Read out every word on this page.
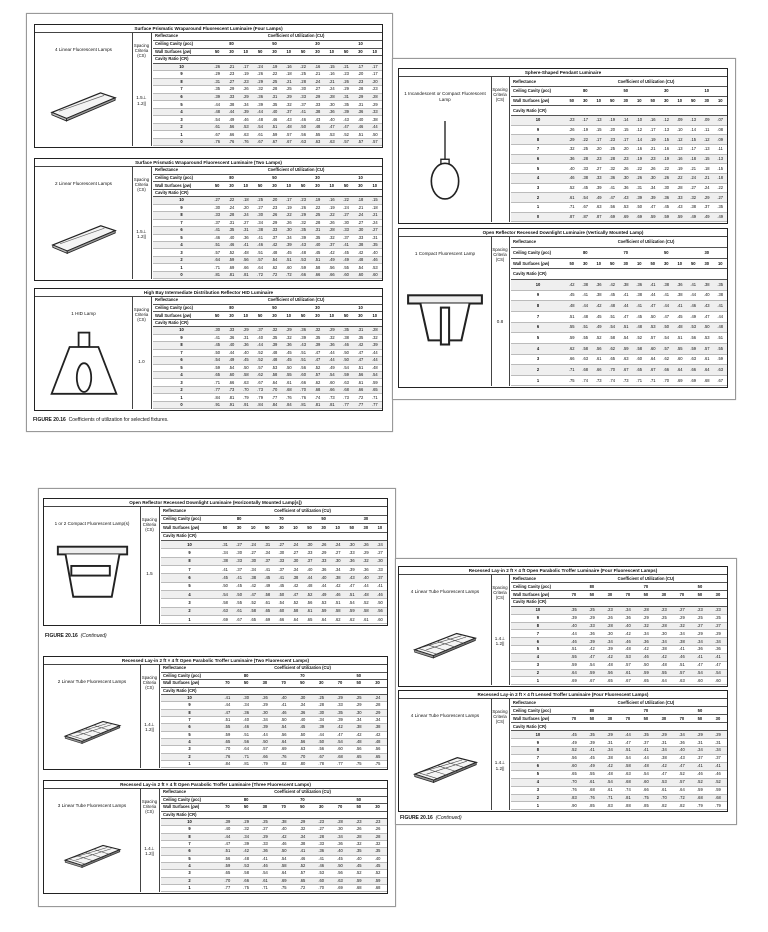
Surface Prismatic Wraparound Fluorescent Luminaire (Four Lamps)
4 Linear Fluorescent Lamps
Spacing Criteria (CS)
1.5⊥ 1.2||
Reflectance	Coefficient of Utilization (CU)											
Ceiling Cavity (ρcc)	80			50			30			10		
Wall Surfaces (ρw)	50	30	10	50	30	10	50	30	10	50	30	10
Cavity Ratio (CR)												
10	.26	.21	.17	.24	.19	.16	.22	.16	.15	.21	.17	.17
9	.29	.23	.19	.26	.22	.18	.25	.21	.16	.23	.20	.17
8	.31	.27	.23	.29	.25	.21	.28	.24	.21	.26	.23	.20
7	.35	.29	.26	.32	.28	.25	.30	.27	.24	.29	.28	.23
6	.39	.33	.29	.36	.31	.29	.33	.29	.28	.31	.29	.28
5	.44	.38	.34	.39	.35	.32	.37	.33	.30	.35	.31	.29
4	.48	.44	.39	.44	.40	.37	.41	.38	.36	.39	.36	.33
3	.54	.49	.46	.48	.46	.43	.46	.43	.40	.43	.40	.38
2	.61	.56	.53	.54	.51	.48	.50	.48	.47	.47	.46	.44
1	.67	.66	.63	.61	.59	.57	.56	.55	.53	.52	.51	.50
0	.76	.76	.76	.67	.67	.67	.63	.63	.63	.57	.57	.57
Surface Prismatic Wraparound Fluorescent Luminaire (Two Lamps)
2 Linear Fluorescent Lamps
Spacing Criteria (CS)
1.5⊥ 1.2||
Reflectance	Coefficient of Utilization (CU)											
Ceiling Cavity (ρcc)	80			50			30			10		
Wall Surfaces (ρw)	50	30	10	50	30	10	50	30	10	50	30	10
Cavity Ratio (CR)												
10	.27	.22	.18	.25	.20	.17	.23	.19	.16	.22	.18	.15
9	.30	.24	.20	.27	.23	.19	.26	.22	.19	.24	.21	.18
8	.33	.28	.24	.30	.26	.22	.29	.25	.22	.27	.24	.21
7	.37	.31	.27	.34	.29	.26	.32	.28	.26	.30	.27	.24
6	.41	.35	.31	.38	.33	.30	.35	.31	.28	.33	.30	.27
5	.46	.40	.36	.41	.37	.34	.39	.35	.32	.37	.33	.31
4	.51	.46	.41	.46	.42	.39	.43	.40	.37	.41	.38	.35
3	.57	.52	.48	.51	.48	.45	.48	.45	.42	.45	.42	.40
2	.64	.59	.56	.57	.54	.51	.53	.51	.49	.49	.48	.46
1	.71	.69	.66	.64	.62	.60	.59	.58	.56	.55	.54	.53
0	.81	.81	.81	.72	.72	.72	.66	.66	.66	.60	.60	.60
High Bay Intermediate Distribution Reflector HID Luminaire
1 HID Lamp
Spacing Criteria (CS)
1.0
Reflectance	Coefficient of Utilization (CU)											
Ceiling Cavity (ρcc)	80			50			30			10		
Wall Surfaces (ρw)	50	30	10	50	30	10	50	30	10	50	30	10
Cavity Ratio (CR)												
10	.30	.33	.29	.37	.32	.29	.36	.32	.29	.35	.31	.28
9	.41	.36	.31	.40	.35	.32	.39	.35	.32	.38	.35	.32
8	.45	.40	.36	.44	.39	.36	.43	.39	.36	.46	.42	.39
7	.50	.44	.40	.52	.48	.45	.51	.47	.44	.50	.47	.44
6	.54	.49	.45	.52	.48	.45	.51	.47	.44	.50	.47	.44
5	.59	.54	.50	.57	.53	.50	.56	.52	.49	.54	.51	.48
4	.65	.60	.58	.62	.58	.55	.60	.57	.54	.59	.56	.54
3	.71	.66	.63	.67	.64	.61	.66	.62	.60	.63	.61	.59
2	.77	.73	.70	.73	.70	.68	.70	.68	.66	.68	.66	.65
1	.84	.81	.79	.79	.77	.76	.76	.74	.73	.73	.72	.71
0	.91	.91	.91	.84	.84	.84	.81	.81	.81	.77	.77	.77
Sphere-Shaped Pendant Luminaire
1 Incandescent or Compact Fluorescent Lamp
Spacing Criteria (CS)
Reflectance	Coefficient of Utilization (CU)											
Ceiling Cavity (ρcc)	80			50			30			10		
Wall Surfaces (ρw)	50	30	10	50	30	10	50	30	10	50	30	10
Cavity Ratio (CR)												
10	.23	.17	.13	.19	.14	.10	.16	.12	.09	.13	.09	.07
9	.26	.19	.15	.20	.15	.12	.17	.13	.10	.14	.11	.08
8	.29	.22	.17	.23	.17	.14	.19	.15	.12	.15	.12	.09
7	.32	.25	.20	.25	.20	.16	.21	.16	.13	.17	.13	.11
6	.36	.28	.23	.28	.23	.19	.23	.19	.16	.18	.15	.13
5	.40	.33	.27	.32	.26	.22	.26	.22	.19	.21	.18	.15
4	.46	.38	.33	.36	.30	.26	.30	.26	.22	.24	.21	.18
3	.52	.45	.39	.41	.36	.31	.34	.30	.28	.27	.24	.22
2	.61	.54	.49	.47	.43	.39	.39	.36	.33	.32	.29	.27
1	.71	.67	.63	.56	.53	.50	.47	.45	.43	.38	.37	.35
0	.87	.87	.87	.69	.69	.69	.59	.59	.59	.49	.49	.49
Open Reflector Recessed Downlight Luminaire (Vertically Mounted Lamp)
1 Compact Fluorescent Lamp
Spacing Criteria (CS)
0.8
Reflectance	Coefficient of Utilization (CU)											
Ceiling Cavity (ρcc)	80			70			50			30		
Wall Surfaces (ρw)	50	30	10	50	30	10	50	30	10	50	30	10
Cavity Ratio (CR)												
10	.42	.38	.36	.42	.38	.36	.41	.38	.36	.41	.38	.35
9	.45	.41	.38	.45	.41	.38	.44	.41	.38	.44	.40	.38
8	.48	.44	.42	.48	.44	.41	.47	.44	.41	.46	.43	.41
7	.51	.48	.45	.51	.47	.45	.50	.47	.45	.49	.47	.44
6	.55	.51	.49	.54	.51	.48	.53	.50	.48	.53	.50	.48
5	.59	.55	.52	.58	.54	.52	.57	.54	.51	.56	.53	.51
4	.62	.58	.56	.62	.59	.58	.60	.57	.55	.59	.57	.55
3	.66	.63	.61	.65	.63	.60	.64	.62	.60	.63	.61	.59
2	.71	.68	.66	.70	.67	.65	.67	.66	.64	.66	.64	.63
1	.75	.74	.73	.74	.73	.71	.71	.70	.69	.69	.68	.67
Open Reflector Recessed Downlight Luminaire (Horizontally Mounted Lamp[s])
1 or 2 Compact Fluorescent Lamp(s)
Spacing Criteria (CS)
1.5
Reflectance	Coefficient of Utilization (CU)											
Ceiling Cavity (ρcc)	80			70			50			30		
Wall Surfaces (ρw)	50	30	10	50	30	10	50	30	10	50	30	10
Cavity Ratio (CR)												
10	.31	.27	.24	.31	.27	.24	.30	.26	.24	.30	.26	.24
9	.34	.30	.27	.34	.30	.27	.33	.29	.27	.33	.29	.27
8	.38	.33	.30	.37	.33	.30	.37	.33	.30	.36	.32	.30
7	.41	.37	.34	.41	.37	.34	.40	.36	.34	.39	.36	.33
6	.45	.41	.38	.45	.41	.38	.44	.40	.38	.43	.40	.37
5	.50	.45	.42	.49	.45	.42	.48	.44	.42	.47	.44	.41
4	.54	.50	.47	.58	.50	.47	.52	.49	.46	.51	.48	.46
3	.58	.55	.52	.61	.54	.52	.56	.53	.51	.54	.52	.50
2	.63	.61	.58	.65	.60	.58	.61	.59	.58	.59	.58	.56
1	.69	.67	.65	.69	.66	.64	.65	.64	.62	.62	.61	.60
Recessed Lay-in 2 ft × 4 ft Open Parabolic Troffer Luminaire (Two Fluorescent Lamps)
2 Linear Tube Fluorescent Lamps
Spacing Criteria (CS)
1.4⊥ 1.2||
Reflectance	Coefficient of Utilization (CU)								
Ceiling Cavity (ρcc)	80			70			50		
Wall Surfaces (ρw)	70	50	30	70	50	30	70	50	30
Cavity Ratio (CR)									
10	.41	.30	.26	.40	.30	.25	.29	.25	.24
9	.44	.34	.29	.41	.34	.28	.33	.29	.28
8	.47	.36	.30	.46	.36	.30	.35	.30	.29
7	.51	.40	.34	.50	.40	.34	.39	.34	.34
6	.55	.46	.39	.54	.45	.39	.42	.38	.38
5	.59	.51	.44	.56	.50	.44	.47	.42	.42
4	.65	.56	.50	.64	.56	.50	.54	.48	.48
3	.70	.64	.57	.69	.63	.56	.60	.56	.56
2	.76	.71	.66	.76	.70	.67	.68	.65	.65
1	.84	.81	.79	.82	.80	.78	.77	.75	.75
Recessed Lay-in 2 ft × 4 ft Open Parabolic Troffer Luminaire (Three Fluorescent Lamps)
3 Linear Tube Fluorescent Lamps
Spacing Criteria (CS)
1.4⊥ 1.2||
Reflectance	Coefficient of Utilization (CU)								
Ceiling Cavity (ρcc)	80			70			50		
Wall Surfaces (ρw)	70	50	30	70	50	30	70	50	30
Cavity Ratio (CR)									
10	.39	.29	.25	.38	.29	.23	.28	.23	.23
9	.40	.32	.27	.40	.32	.27	.30	.26	.26
8	.44	.34	.29	.42	.34	.28	.34	.28	.28
7	.47	.39	.33	.46	.38	.33	.36	.32	.32
6	.51	.42	.36	.50	.41	.36	.40	.35	.35
5	.56	.48	.41	.54	.46	.41	.45	.40	.40
4	.59	.53	.46	.58	.52	.46	.50	.45	.45
3	.65	.58	.54	.64	.57	.53	.56	.52	.52
2	.70	.66	.61	.69	.65	.60	.63	.59	.59
1	.77	.75	.71	.75	.72	.70	.69	.68	.68
Recessed Lay-in 2 ft × 4 ft Open Parabolic Troffer Luminaire (Four Fluorescent Lamps)
4 Linear Tube Fluorescent Lamps
Spacing Criteria (CS)
1.4⊥ 1.2||
Reflectance	Coefficient of Utilization (CU)								
Ceiling Cavity (ρcc)	80			70			50		
Wall Surfaces (ρw)	70	50	30	70	50	30	70	50	30
Cavity Ratio (CR)									
10	.35	.25	.23	.34	.28	.23	.27	.23	.23
9	.39	.29	.26	.36	.29	.25	.29	.25	.25
8	.40	.33	.28	.40	.32	.28	.32	.27	.27
7	.44	.36	.30	.42	.34	.30	.34	.29	.29
6	.46	.39	.34	.46	.36	.34	.38	.34	.34
5	.51	.42	.39	.48	.42	.38	.41	.36	.36
4	.55	.47	.42	.53	.46	.42	.46	.41	.41
3	.59	.54	.48	.57	.50	.48	.51	.47	.47
2	.64	.59	.56	.61	.59	.55	.57	.54	.54
1	.69	.67	.65	.67	.65	.64	.63	.60	.60
Recessed Lay-in 2 ft × 4 ft Lensed Troffer Luminaire (Four Fluorescent Lamps)
4 Linear Tube Fluorescent Lamps
Spacing Criteria (CS)
1.4⊥ 1.2||
Reflectance	Coefficient of Utilization (CU)								
Ceiling Cavity (ρcc)	80			70			50		
Wall Surfaces (ρw)	70	50	30	70	50	30	70	50	30
Cavity Ratio (CR)									
10	.45	.35	.29	.44	.35	.29	.34	.29	.29
9	.49	.39	.31	.47	.37	.31	.36	.31	.31
8	.52	.41	.34	.51	.41	.34	.40	.34	.34
7	.56	.45	.38	.54	.44	.38	.43	.37	.37
6	.60	.49	.42	.58	.48	.42	.47	.41	.41
5	.65	.55	.48	.63	.54	.47	.52	.46	.46
4	.70	.61	.54	.68	.60	.53	.57	.52	.52
3	.76	.68	.61	.74	.66	.61	.64	.59	.59
2	.83	.76	.71	.81	.75	.70	.72	.68	.68
1	.90	.85	.83	.88	.85	.82	.82	.79	.79
FIGURE 20.16 Coefficients of utilization for selected fixtures.
FIGURE 20.16 (Continued)
FIGURE 20.16 (Continued)
